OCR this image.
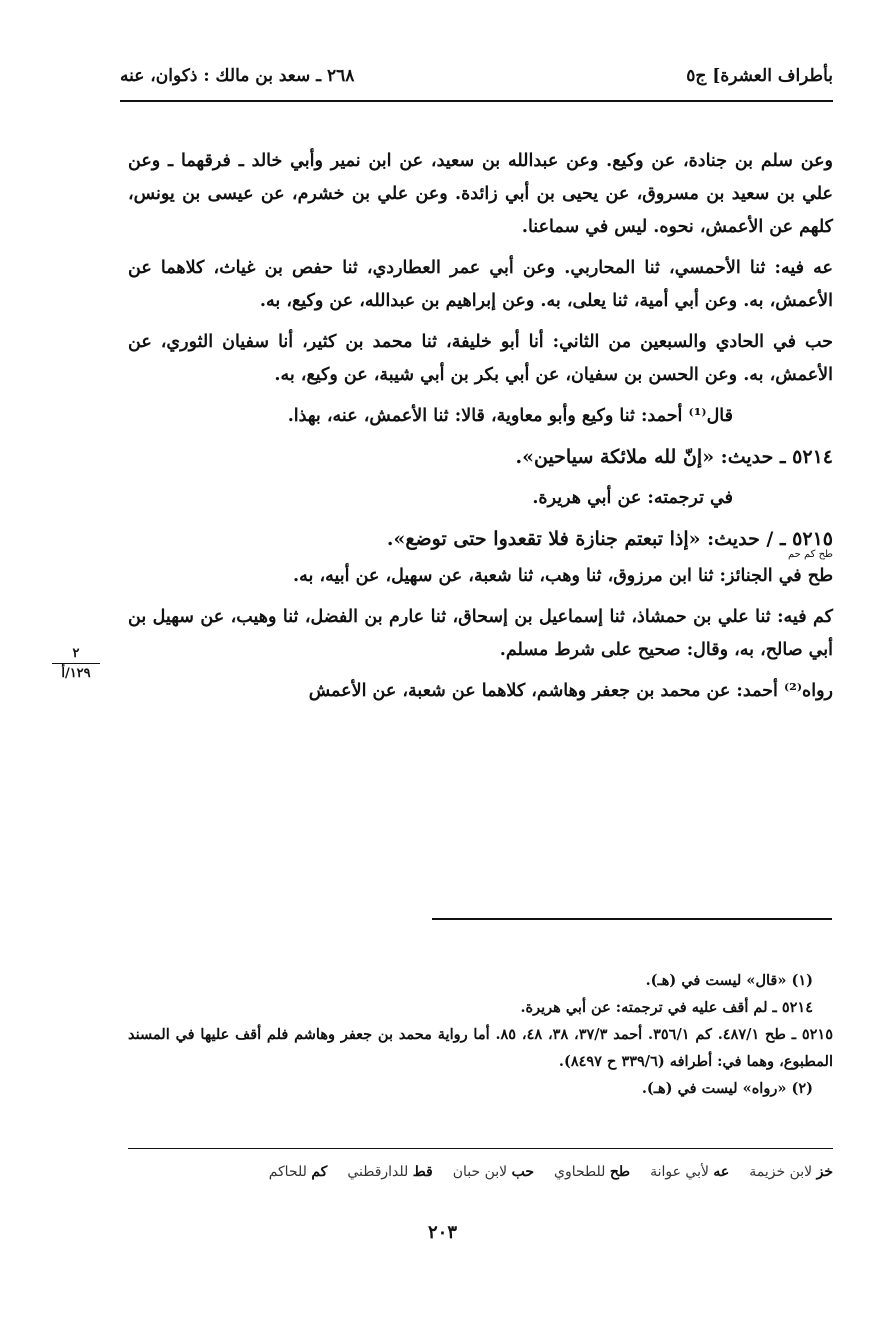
بأطراف العشرة] ج٥
٢٦٨ ـ سعد بن مالك : ذكوان، عنه

وعن سلم بن جنادة، عن وكيع. وعن عبدالله بن سعيد، عن ابن نمير وأبي خالد ـ فرقهما ـ وعن علي بن سعيد بن مسروق، عن يحيى بن أبي زائدة. وعن علي بن خشرم، عن عيسى بن يونس، كلهم عن الأعمش، نحوه. ليس في سماعنا.

عه فيه: ثنا الأحمسي، ثنا المحاربي. وعن أبي عمر العطاردي، ثنا حفص بن غياث، كلاهما عن الأعمش، به. وعن أبي أمية، ثنا يعلى، به. وعن إبراهيم بن عبدالله، عن وكيع، به.

حب في الحادي والسبعين من الثاني: أنا أبو خليفة، ثنا محمد بن كثير، أنا سفيان الثوري، عن الأعمش، به. وعن الحسن بن سفيان، عن أبي بكر بن أبي شيبة، عن وكيع، به.

قال⁽¹⁾ أحمد: ثنا وكيع وأبو معاوية، قالا: ثنا الأعمش، عنه، بهذا.

٥٢١٤ ـ حديث: «إنّ لله ملائكة سياحين».

في ترجمته: عن أبي هريرة.

٥٢١٥ ـ / حديث: «إذا تبعتم جنازة فلا تقعدوا حتى توضع».

طح كم حم

طح في الجنائز: ثنا ابن مرزوق، ثنا وهب، ثنا شعبة، عن سهيل، عن أبيه، به.

كم فيه: ثنا علي بن حمشاذ، ثنا إسماعيل بن إسحاق، ثنا عارم بن الفضل، ثنا وهيب، عن سهيل بن أبي صالح، به، وقال: صحيح على شرط مسلم.

رواه⁽²⁾ أحمد: عن محمد بن جعفر وهاشم، كلاهما عن شعبة، عن الأعمش

٢
١٢٩/أ

(١) «قال» ليست في (هـ).

٥٢١٤ ـ لم أقف عليه في ترجمته: عن أبي هريرة.

٥٢١٥ ـ طح ٤٨٧/١. كم ٣٥٦/١. أحمد ٣٧/٣، ٣٨، ٤٨، ٨٥. أما رواية محمد بن جعفر وهاشم فلم أقف عليها في المسند المطبوع، وهما في: أطرافه (٣٣٩/٦ ح ٨٤٩٧).

(٢) «رواه» ليست في (هـ).

خز لابن خزيمة
عه لأبي عوانة
طح للطحاوي
حب لابن حبان
قط للدارقطني
كم للحاكم
٢٠٣
